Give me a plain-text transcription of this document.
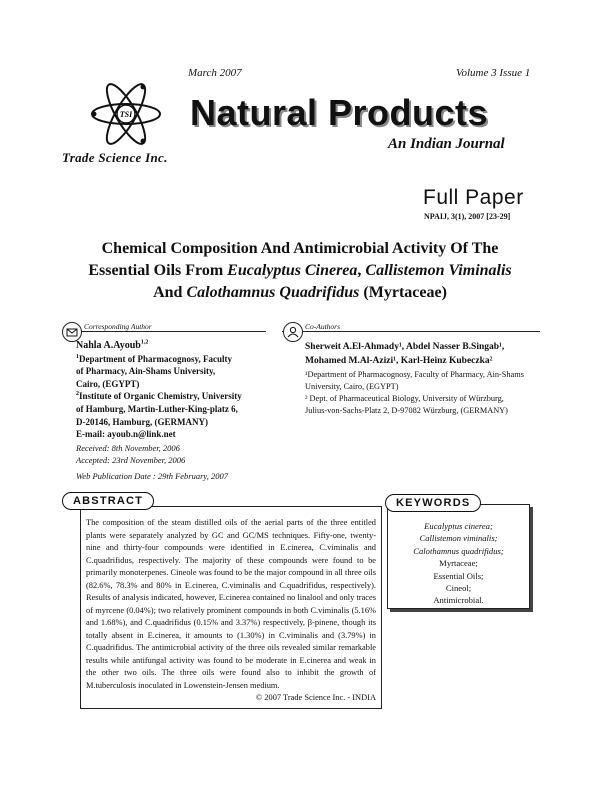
March 2007	Volume 3 Issue 1
TSI
Trade Science Inc.
Natural Products
An Indian Journal
Full Paper
NPAIJ, 3(1), 2007 [23-29]
Chemical Composition And Antimicrobial Activity Of The
Essential Oils From Eucalyptus Cinerea, Callistemon Viminalis
And Calothamnus Quadrifidus (Myrtaceae)
Corresponding Author
Nahla A.Ayoub$^{1,2}$
$^1$Department of Pharmacognosy, Faculty
of Pharmacy, Ain-Shams University,
Cairo, (EGYPT)
$^2$Institute of Organic Chemistry, University
of Hamburg, Martin-Luther-King-platz 6,
D-20146, Hamburg, (GERMANY)
E-mail: ayoub.n@link.net
Received: 8th November, 2006
Accepted: 23rd November, 2006
Web Publication Date : 29th February, 2007
Co-Authors
Sherweit A.El-Ahmady¹, Abdel Nasser B.Singab¹,
Mohamed M.Al-Azizi¹, Karl-Heinz Kubeczka²
¹Department of Pharmacognosy, Faculty of Pharmacy, Ain-Shams
University, Cairo, (EGYPT)
² Dept. of Pharmaceutical Biology, University of Würzburg,
Julius-von-Sachs-Platz 2, D-97082 Würzburg, (GERMANY)
ABSTRACT
The composition of the steam distilled oils of the aerial parts of the three entitled plants were separately analyzed by GC and GC/MS techniques. Fifty-one, twenty-nine and thirty-four compounds were identified in E.cinerea, C.viminalis and C.quadrifidus, respectively. The majority of these compounds were found to be primarily monoterpenes. Cineole was found to be the major compound in all three oils (82.6%, 78.3% and 80% in E.cinerea, C.viminalis and C.quadrifidus, respectively). Results of analysis indicated, however, E.cinerea contained no linalool and only traces of myrcene (0.04%); two relatively prominent compounds in both C.viminalis (5.16% and 1.68%), and C.quadrifidus (0.15% and 3.37%) respectively, β-pinene, though its totally absent in E.cinerea, it amounts to (1.30%) in C.viminalis and (3.79%) in C.quadrifidus. The antimicrobial activity of the three oils revealed similar remarkable results while antifungal activity was found to be moderate in E.cinerea and weak in the other two oils. The three oils were found also to inhibit the growth of M.tuberculosis inoculated in Lowenstein-Jensen medium.
© 2007 Trade Science Inc. - INDIA
KEYWORDS
Eucalyptus cinerea;
Callistemon viminalis;
Calothamnus quadrifidus;
Myrtaceae;
Essential Oils;
Cineol;
Antimicrobial.
